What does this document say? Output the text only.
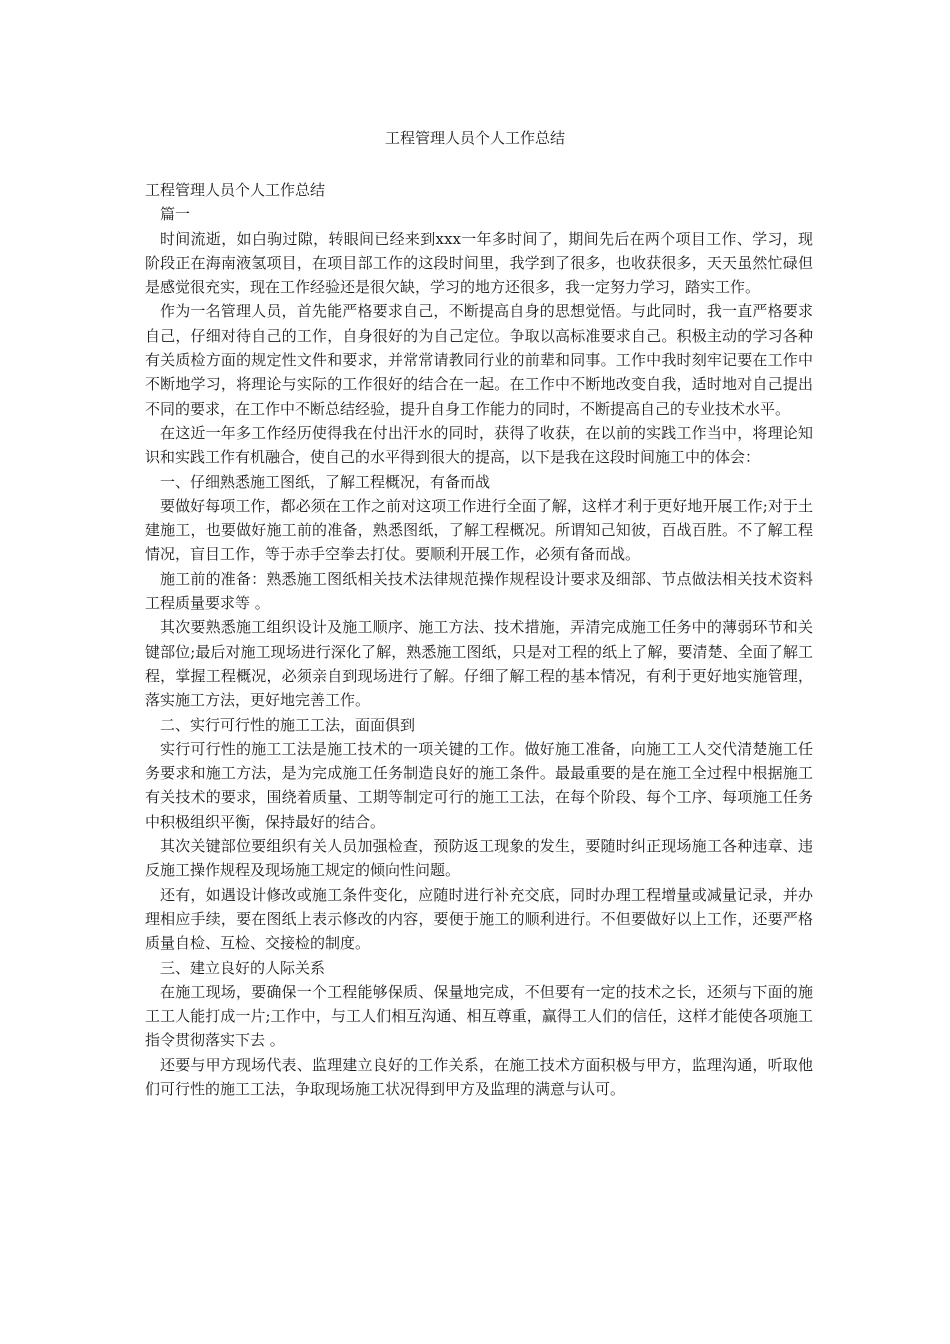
工程管理人员个人工作总结

工程管理人员个人工作总结

篇一

时间流逝，如白驹过隙，转眼间已经来到xxx一年多时间了，期间先后在两个项目工作、学习，现阶段正在海南液氢项目，在项目部工作的这段时间里，我学到了很多，也收获很多，天天虽然忙碌但是感觉很充实，现在工作经验还是很欠缺，学习的地方还很多，我一定努力学习，踏实工作。

作为一名管理人员，首先能严格要求自己，不断提高自身的思想觉悟。与此同时，我一直严格要求自己，仔细对待自己的工作，自身很好的为自己定位。争取以高标准要求自己。积极主动的学习各种有关质检方面的规定性文件和要求，并常常请教同行业的前辈和同事。工作中我时刻牢记要在工作中不断地学习，将理论与实际的工作很好的结合在一起。在工作中不断地改变自我，适时地对自己提出不同的要求，在工作中不断总结经验，提升自身工作能力的同时，不断提高自己的专业技术水平。

在这近一年多工作经历使得我在付出汗水的同时，获得了收获，在以前的实践工作当中，将理论知识和实践工作有机融合，使自己的水平得到很大的提高，以下是我在这段时间施工中的体会：

一、仔细熟悉施工图纸，了解工程概况，有备而战

要做好每项工作，都必须在工作之前对这项工作进行全面了解，这样才利于更好地开展工作;对于土建施工，也要做好施工前的准备，熟悉图纸，了解工程概况。所谓知己知彼，百战百胜。不了解工程情况，盲目工作，等于赤手空拳去打仗。要顺利开展工作，必须有备而战。

施工前的准备：熟悉施工图纸相关技术法律规范操作规程设计要求及细部、节点做法相关技术资料工程质量要求等 。

其次要熟悉施工组织设计及施工顺序、施工方法、技术措施，弄清完成施工任务中的薄弱环节和关键部位;最后对施工现场进行深化了解，熟悉施工图纸，只是对工程的纸上了解，要清楚、全面了解工程，掌握工程概况，必须亲自到现场进行了解。仔细了解工程的基本情况，有利于更好地实施管理，落实施工方法，更好地完善工作。

二、实行可行性的施工工法，面面俱到

实行可行性的施工工法是施工技术的一项关键的工作。做好施工准备，向施工工人交代清楚施工任务要求和施工方法，是为完成施工任务制造良好的施工条件。最最重要的是在施工全过程中根据施工有关技术的要求，围绕着质量、工期等制定可行的施工工法，在每个阶段、每个工序、每项施工任务中积极组织平衡，保持最好的结合。

其次关键部位要组织有关人员加强检查，预防返工现象的发生，要随时纠正现场施工各种违章、违反施工操作规程及现场施工规定的倾向性问题。

还有，如遇设计修改或施工条件变化，应随时进行补充交底，同时办理工程增量或减量记录，并办理相应手续，要在图纸上表示修改的内容，要便于施工的顺利进行。不但要做好以上工作，还要严格质量自检、互检、交接检的制度。

三、建立良好的人际关系

在施工现场，要确保一个工程能够保质、保量地完成，不但要有一定的技术之长，还须与下面的施工工人能打成一片;工作中，与工人们相互沟通、相互尊重，赢得工人们的信任，这样才能使各项施工指令贯彻落实下去 。

还要与甲方现场代表、监理建立良好的工作关系，在施工技术方面积极与甲方，监理沟通，听取他们可行性的施工工法，争取现场施工状况得到甲方及监理的满意与认可。
